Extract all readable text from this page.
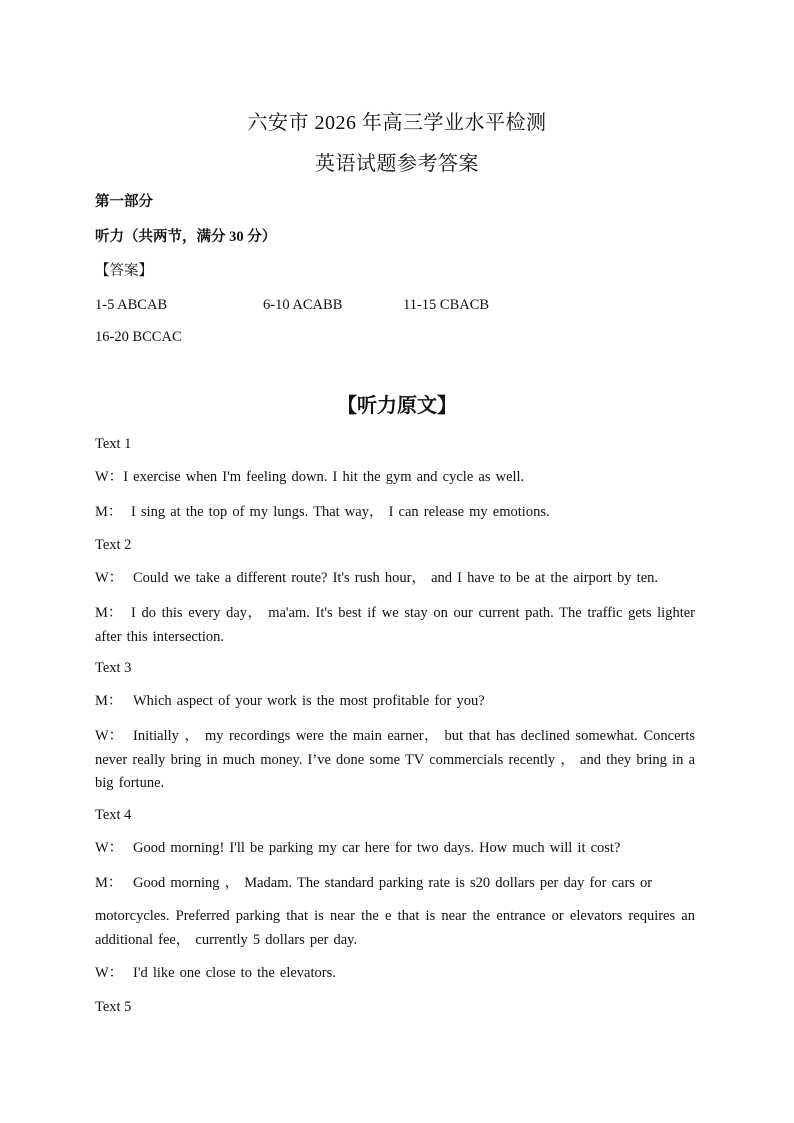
六安市 2026 年高三学业水平检测
英语试题参考答案
第一部分
听力（共两节，满分 30 分）
【答案】
1-5 ABCAB	6-10 ACABB	11-15 CBACB
16-20 BCCAC
【听力原文】
Text 1
W：I exercise when I'm feeling down. I hit the gym and cycle as well.
M： I sing at the top of my lungs. That way， I can release my emotions.
Text 2
W： Could we take a different route? It's rush hour， and I have to be at the airport by ten.
M： I do this every day， ma'am. It's best if we stay on our current path. The traffic gets lighter after this intersection.
Text 3
M： Which aspect of your work is the most profitable for you?
W： Initially ， my recordings were the main earner， but that has declined somewhat. Concerts never really bring in much money. I’ve done some TV commercials recently ， and they bring in a big fortune.
Text 4
W： Good morning! I'll be parking my car here for two days. How much will it cost?
M： Good morning ， Madam. The standard parking rate is s20 dollars per day for cars or
motorcycles. Preferred parking that is near the e that is near the entrance or elevators requires an additional fee， currently 5 dollars per day.
W： I'd like one close to the elevators.
Text 5
